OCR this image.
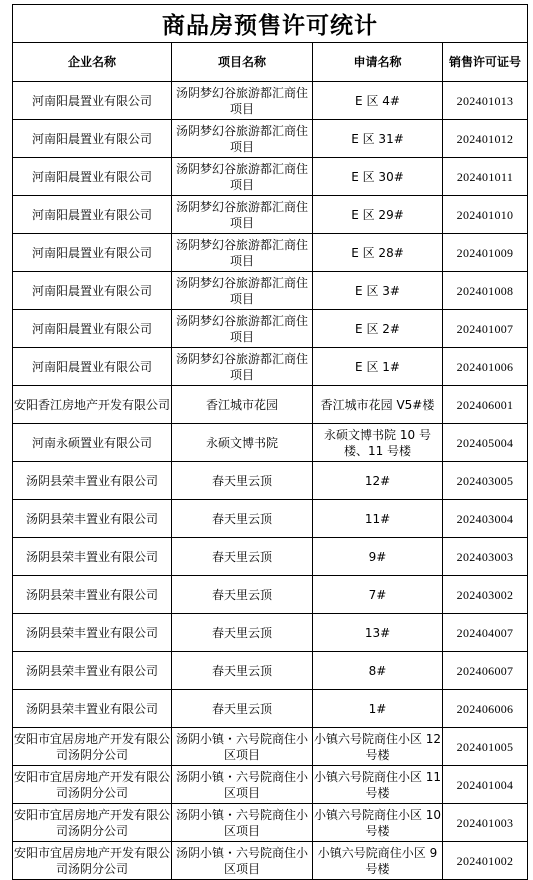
商品房预售许可统计			
企业名称	项目名称	申请名称	销售许可证号
河南阳晨置业有限公司	汤阴梦幻谷旅游都汇商住项目	E 区 4#	202401013
河南阳晨置业有限公司	汤阴梦幻谷旅游都汇商住项目	E 区 31#	202401012
河南阳晨置业有限公司	汤阴梦幻谷旅游都汇商住项目	E 区 30#	202401011
河南阳晨置业有限公司	汤阴梦幻谷旅游都汇商住项目	E 区 29#	202401010
河南阳晨置业有限公司	汤阴梦幻谷旅游都汇商住项目	E 区 28#	202401009
河南阳晨置业有限公司	汤阴梦幻谷旅游都汇商住项目	E 区 3#	202401008
河南阳晨置业有限公司	汤阴梦幻谷旅游都汇商住项目	E 区 2#	202401007
河南阳晨置业有限公司	汤阴梦幻谷旅游都汇商住项目	E 区 1#	202401006
安阳香江房地产开发有限公司	香江城市花园	香江城市花园 V5#楼	202406001
河南永硕置业有限公司	永硕文博书院	永硕文博书院 10 号楼、11 号楼	202405004
汤阴县荣丰置业有限公司	春天里云顶	12#	202403005
汤阴县荣丰置业有限公司	春天里云顶	11#	202403004
汤阴县荣丰置业有限公司	春天里云顶	9#	202403003
汤阴县荣丰置业有限公司	春天里云顶	7#	202403002
汤阴县荣丰置业有限公司	春天里云顶	13#	202404007
汤阴县荣丰置业有限公司	春天里云顶	8#	202406007
汤阴县荣丰置业有限公司	春天里云顶	1#	202406006
安阳市宜居房地产开发有限公司汤阴分公司	汤阴小镇・六号院商住小区项目	小镇六号院商住小区 12 号楼	202401005
安阳市宜居房地产开发有限公司汤阴分公司	汤阴小镇・六号院商住小区项目	小镇六号院商住小区 11 号楼	202401004
安阳市宜居房地产开发有限公司汤阴分公司	汤阴小镇・六号院商住小区项目	小镇六号院商住小区 10 号楼	202401003
安阳市宜居房地产开发有限公司汤阴分公司	汤阴小镇・六号院商住小区项目	小镇六号院商住小区 9 号楼	202401002
